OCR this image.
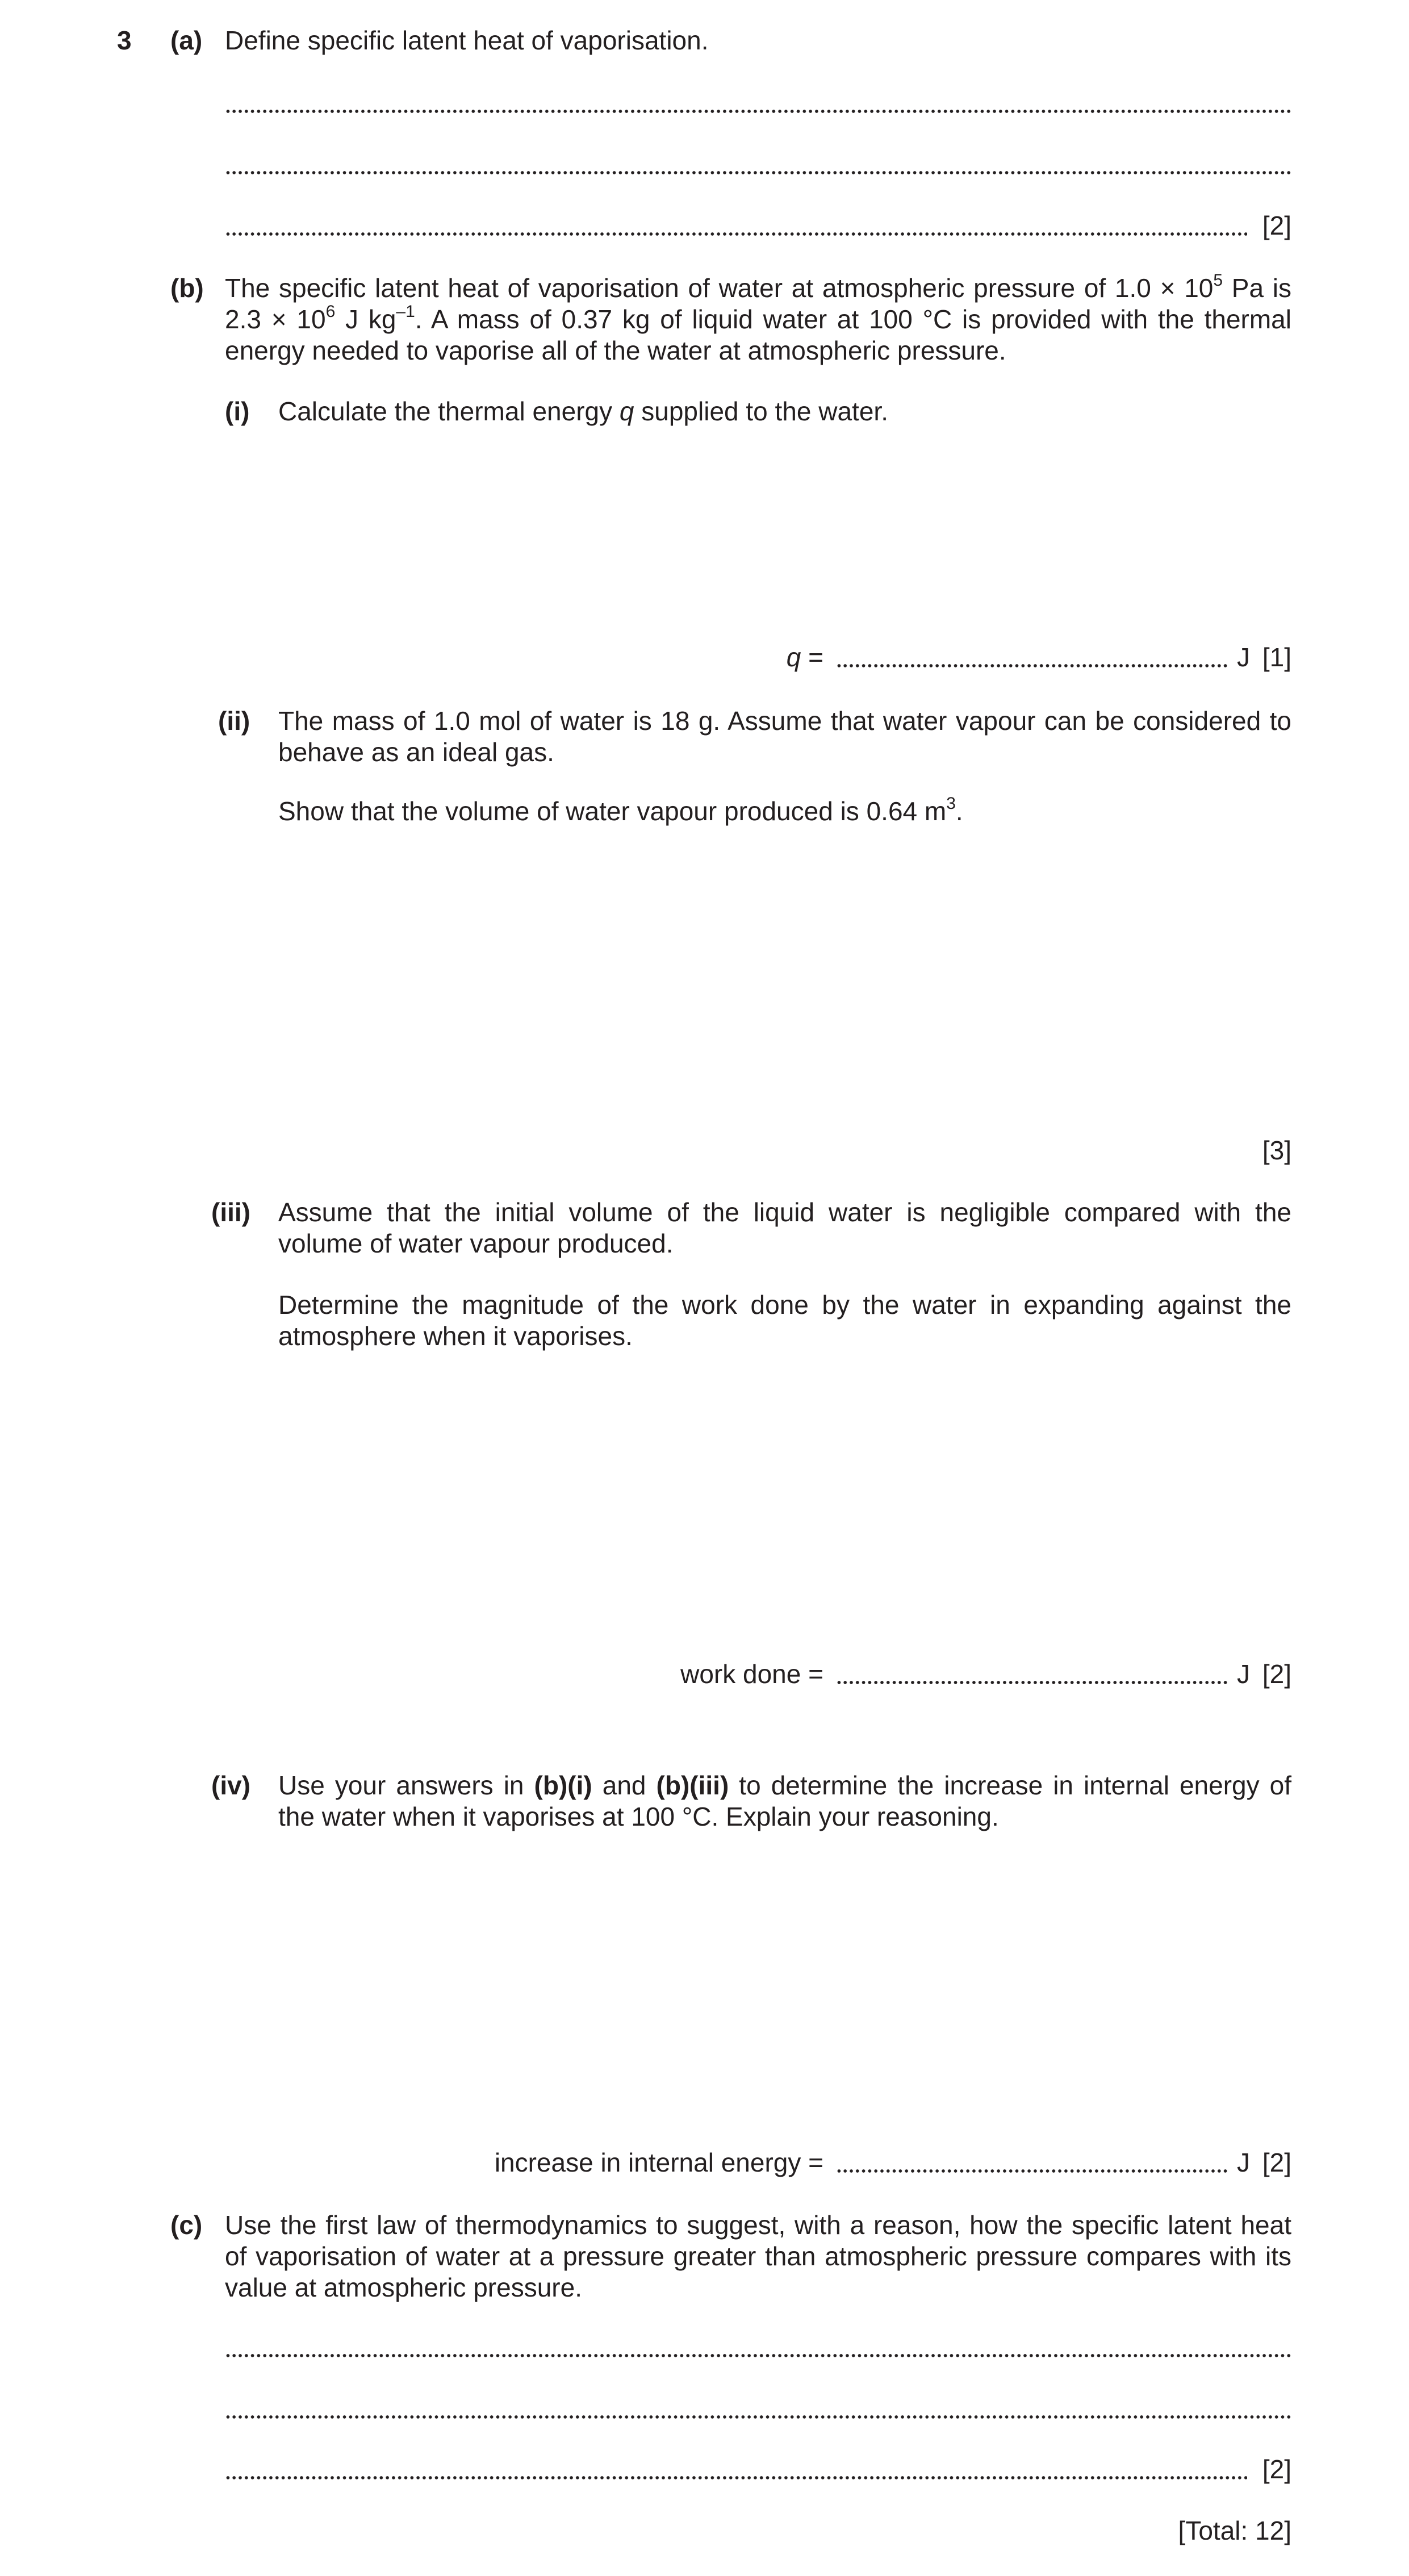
3 (a) Define specific latent heat of vaporisation.
[2]
(b) The specific latent heat of vaporisation of water at atmospheric pressure of $1.0 \times 10^5$ Pa is $2.3 \times 10^6$ J $kg^{-1}$. A mass of 0.37 kg of liquid water at 100 °C is provided with the thermal energy needed to vaporise all of the water at atmospheric pressure.
(i) Calculate the thermal energy q supplied to the water.
q =	J [1]
(ii) The mass of 1.0 mol of water is 18 g. Assume that water vapour can be considered to behave as an ideal gas.
Show that the volume of water vapour produced is 0.64 $m^3$.
[3]
(iii) Assume that the initial volume of the liquid water is negligible compared with the volume of water vapour produced.
Determine the magnitude of the work done by the water in expanding against the atmosphere when it vaporises.
work done =	J [2]
(iv) Use your answers in (b)(i) and (b)(iii) to determine the increase in internal energy of the water when it vaporises at 100 °C. Explain your reasoning.
increase in internal energy =	J [2]
(c) Use the first law of thermodynamics to suggest, with a reason, how the specific latent heat of vaporisation of water at a pressure greater than atmospheric pressure compares with its value at atmospheric pressure.
[2]
[Total: 12]
